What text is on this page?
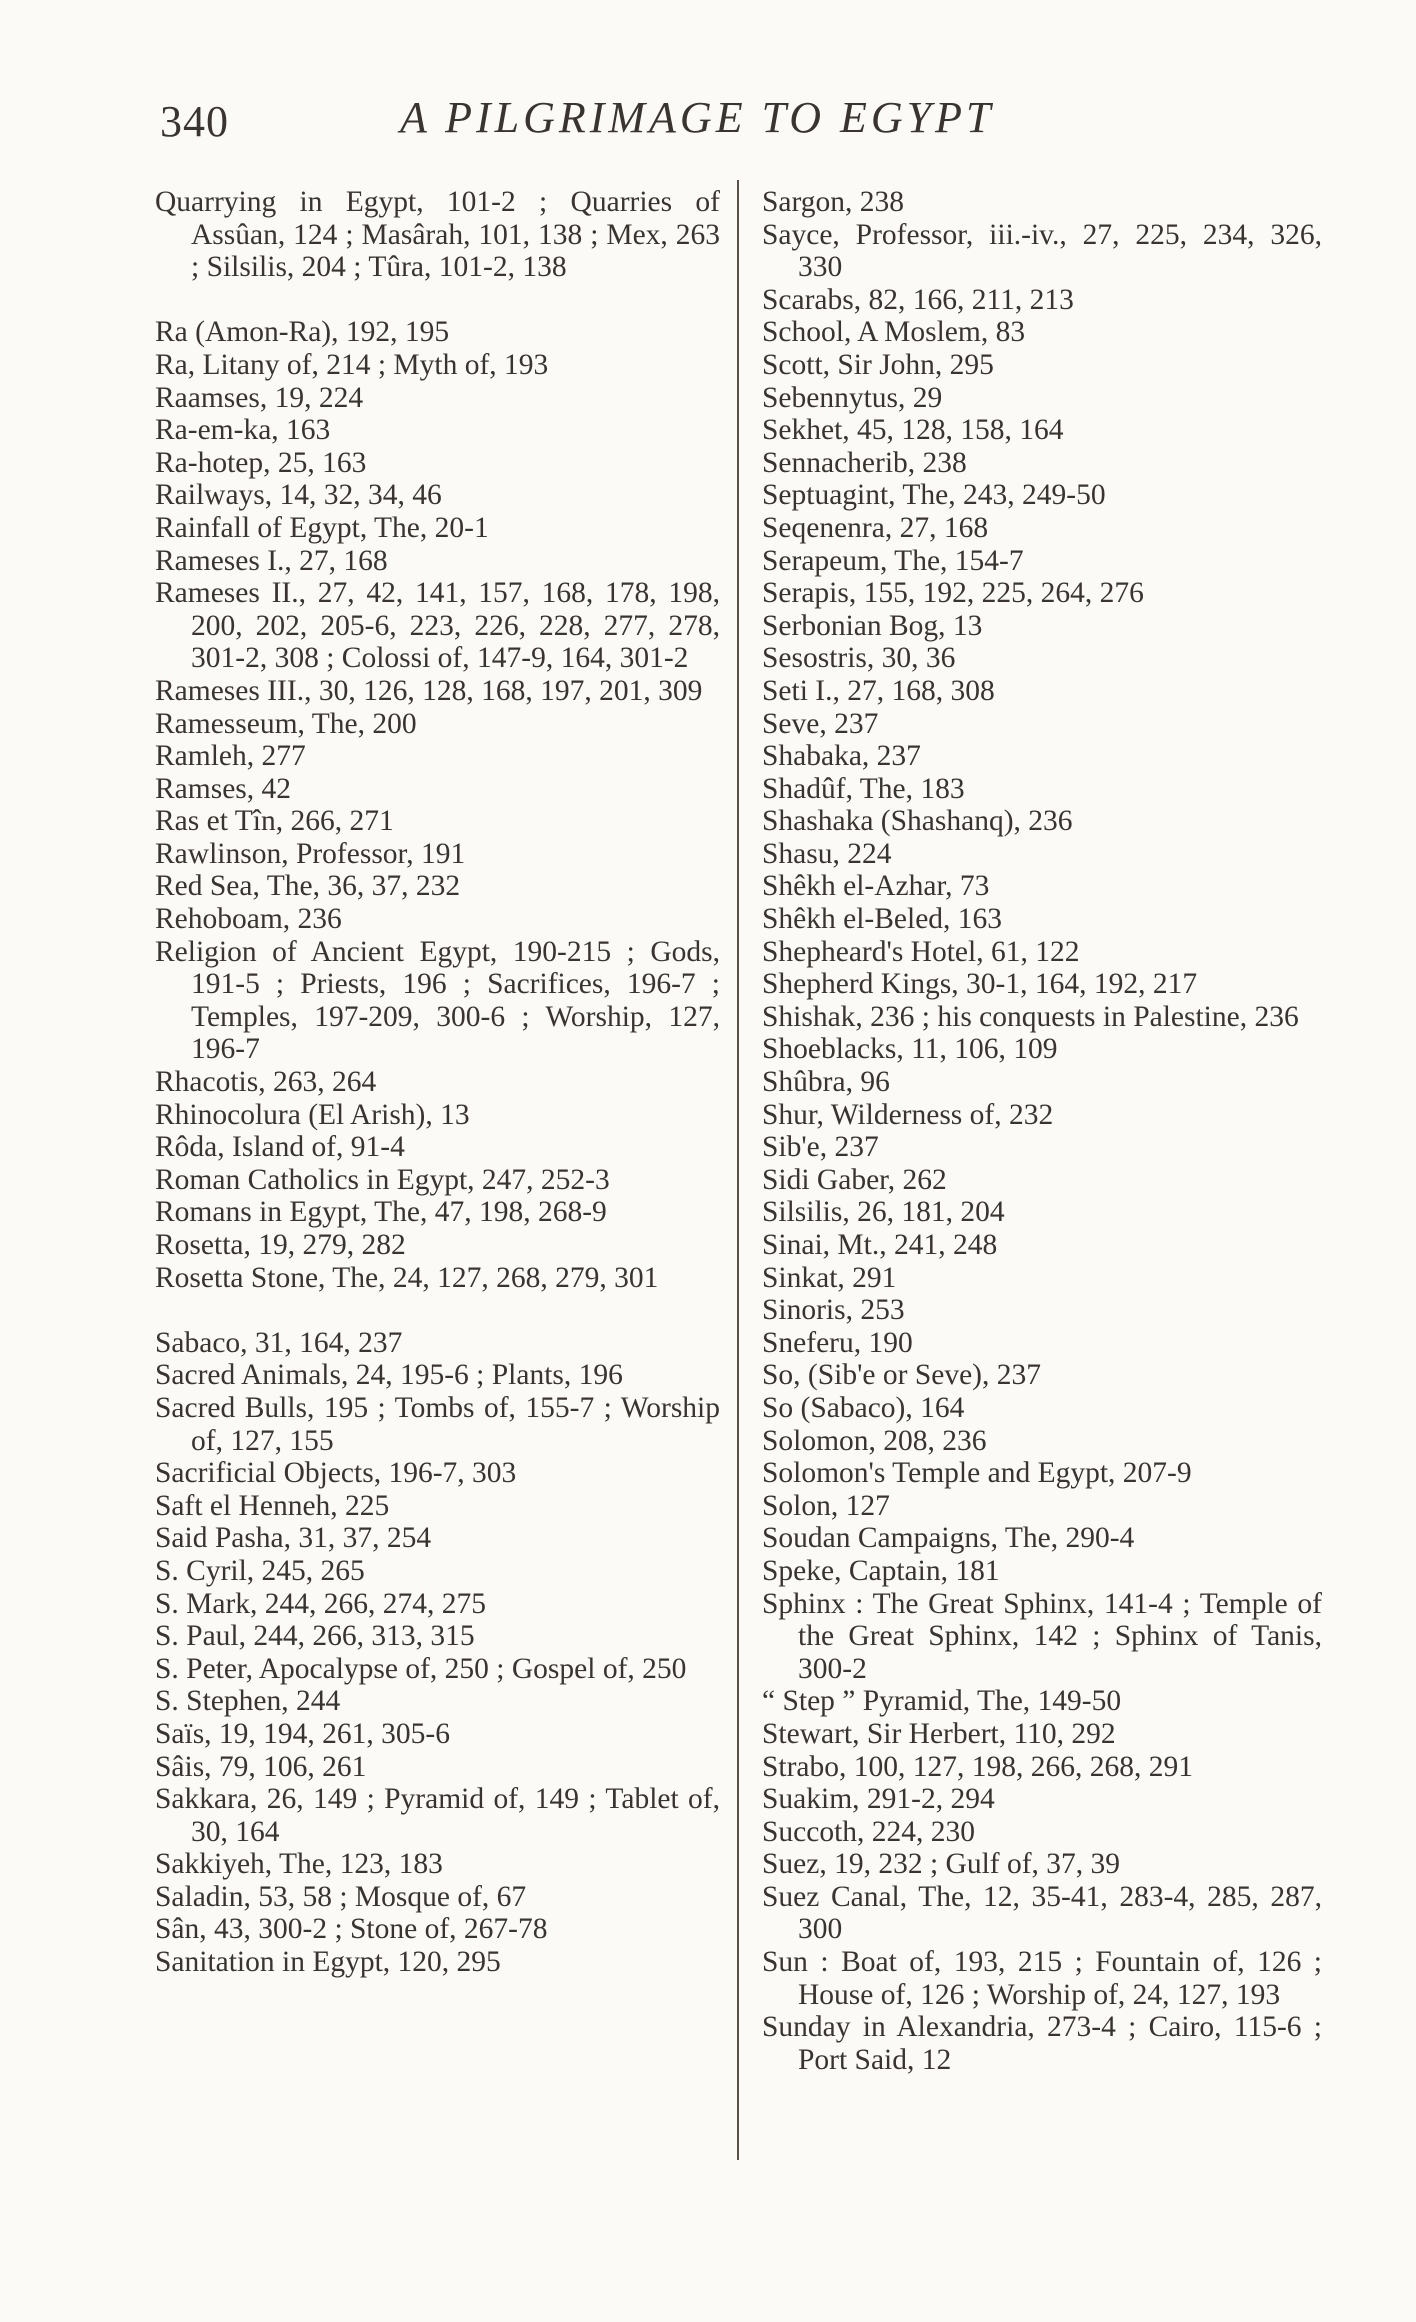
340	A PILGRIMAGE TO EGYPT

Quarrying in Egypt, 101-2 ; Quarries of Assûan, 124 ; Masârah, 101, 138 ; Mex, 263 ; Silsilis, 204 ; Tûra, 101-2, 138

Ra (Amon-Ra), 192, 195

Ra, Litany of, 214 ; Myth of, 193

Raamses, 19, 224

Ra-em-ka, 163

Ra-hotep, 25, 163

Railways, 14, 32, 34, 46

Rainfall of Egypt, The, 20-1

Rameses I., 27, 168

Rameses II., 27, 42, 141, 157, 168, 178, 198, 200, 202, 205-6, 223, 226, 228, 277, 278, 301-2, 308 ; Colossi of, 147-9, 164, 301-2

Rameses III., 30, 126, 128, 168, 197, 201, 309

Ramesseum, The, 200

Ramleh, 277

Ramses, 42

Ras et Tîn, 266, 271

Rawlinson, Professor, 191

Red Sea, The, 36, 37, 232

Rehoboam, 236

Religion of Ancient Egypt, 190-215 ; Gods, 191-5 ; Priests, 196 ; Sacrifices, 196-7 ; Temples, 197-209, 300-6 ; Worship, 127, 196-7

Rhacotis, 263, 264

Rhinocolura (El Arish), 13

Rôda, Island of, 91-4

Roman Catholics in Egypt, 247, 252-3

Romans in Egypt, The, 47, 198, 268-9

Rosetta, 19, 279, 282

Rosetta Stone, The, 24, 127, 268, 279, 301

Sabaco, 31, 164, 237

Sacred Animals, 24, 195-6 ; Plants, 196

Sacred Bulls, 195 ; Tombs of, 155-7 ; Worship of, 127, 155

Sacrificial Objects, 196-7, 303

Saft el Henneh, 225

Said Pasha, 31, 37, 254

S. Cyril, 245, 265

S. Mark, 244, 266, 274, 275

S. Paul, 244, 266, 313, 315

S. Peter, Apocalypse of, 250 ; Gospel of, 250

S. Stephen, 244

Saïs, 19, 194, 261, 305-6

Sâis, 79, 106, 261

Sakkara, 26, 149 ; Pyramid of, 149 ; Tablet of, 30, 164

Sakkiyeh, The, 123, 183

Saladin, 53, 58 ; Mosque of, 67

Sân, 43, 300-2 ; Stone of, 267-78

Sanitation in Egypt, 120, 295

Sargon, 238

Sayce, Professor, iii.-iv., 27, 225, 234, 326, 330

Scarabs, 82, 166, 211, 213

School, A Moslem, 83

Scott, Sir John, 295

Sebennytus, 29

Sekhet, 45, 128, 158, 164

Sennacherib, 238

Septuagint, The, 243, 249-50

Seqenenra, 27, 168

Serapeum, The, 154-7

Serapis, 155, 192, 225, 264, 276

Serbonian Bog, 13

Sesostris, 30, 36

Seti I., 27, 168, 308

Seve, 237

Shabaka, 237

Shadûf, The, 183

Shashaka (Shashanq), 236

Shasu, 224

Shêkh el-Azhar, 73

Shêkh el-Beled, 163

Shepheard's Hotel, 61, 122

Shepherd Kings, 30-1, 164, 192, 217

Shishak, 236 ; his conquests in Palestine, 236

Shoeblacks, 11, 106, 109

Shûbra, 96

Shur, Wilderness of, 232

Sib'e, 237

Sidi Gaber, 262

Silsilis, 26, 181, 204

Sinai, Mt., 241, 248

Sinkat, 291

Sinoris, 253

Sneferu, 190

So, (Sib'e or Seve), 237

So (Sabaco), 164

Solomon, 208, 236

Solomon's Temple and Egypt, 207-9

Solon, 127

Soudan Campaigns, The, 290-4

Speke, Captain, 181

Sphinx : The Great Sphinx, 141-4 ; Temple of the Great Sphinx, 142 ; Sphinx of Tanis, 300-2

“ Step ” Pyramid, The, 149-50

Stewart, Sir Herbert, 110, 292

Strabo, 100, 127, 198, 266, 268, 291

Suakim, 291-2, 294

Succoth, 224, 230

Suez, 19, 232 ; Gulf of, 37, 39

Suez Canal, The, 12, 35-41, 283-4, 285, 287, 300

Sun : Boat of, 193, 215 ; Fountain of, 126 ; House of, 126 ; Worship of, 24, 127, 193

Sunday in Alexandria, 273-4 ; Cairo, 115-6 ; Port Said, 12
